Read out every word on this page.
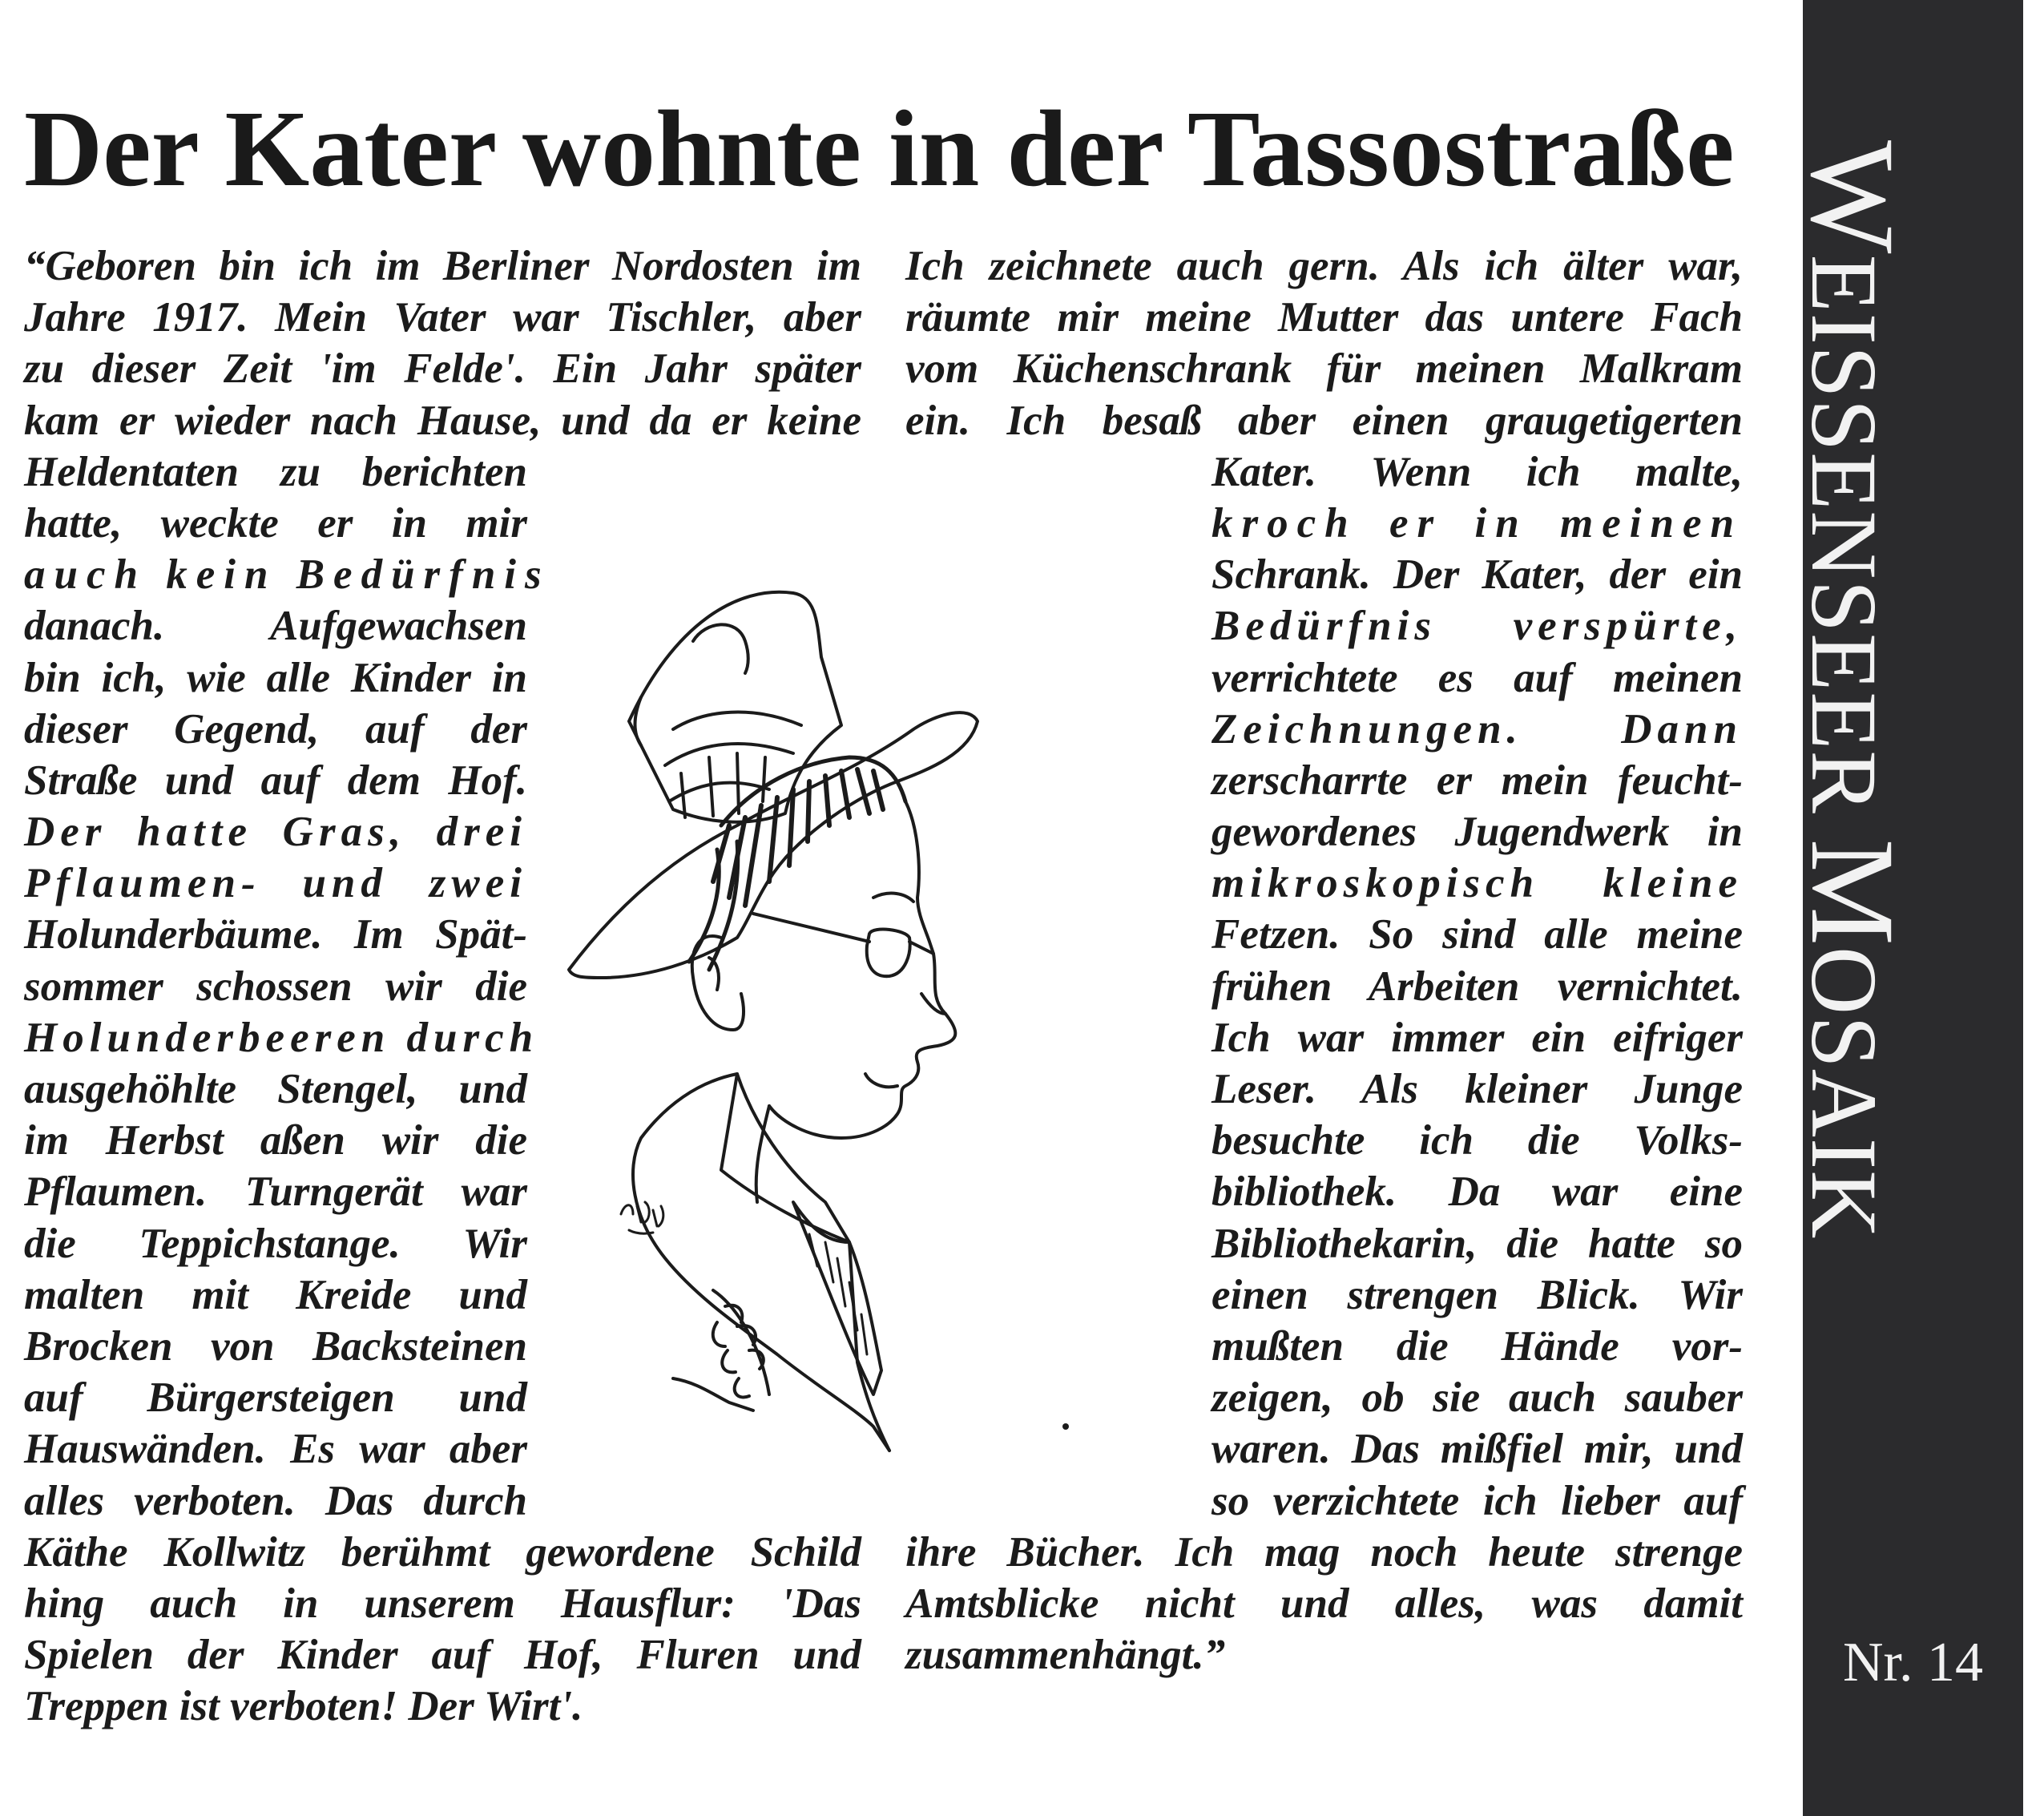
Der Kater wohnte in der Tassostraße
“Geboren bin ich im Berliner Nordosten im
Jahre 1917. Mein Vater war Tischler, aber
zu dieser Zeit 'im Felde'. Ein Jahr später
kam er wieder nach Hause, und da er keine
Heldentaten zu berichten
hatte, weckte er in mir
auch kein Bedürfnis
danach. Aufgewachsen
bin ich, wie alle Kinder in
dieser Gegend, auf der
Straße und auf dem Hof.
Der hatte Gras, drei
Pflaumen- und zwei
Holunderbäume. Im Spät-
sommer schossen wir die
Holunderbeeren durch
ausgehöhlte Stengel, und
im Herbst aßen wir die
Pflaumen. Turngerät war
die Teppichstange. Wir
malten mit Kreide und
Brocken von Backsteinen
auf Bürgersteigen und
Hauswänden. Es war aber
alles verboten. Das durch
Käthe Kollwitz berühmt gewordene Schild
hing auch in unserem Hausflur: 'Das
Spielen der Kinder auf Hof, Fluren und
Treppen ist verboten! Der Wirt'.
Ich zeichnete auch gern. Als ich älter war,
räumte mir meine Mutter das untere Fach
vom Küchenschrank für meinen Malkram
ein. Ich besaß aber einen graugetigerten
Kater. Wenn ich malte,
kroch er in meinen
Schrank. Der Kater, der ein
Bedürfnis verspürte,
verrichtete es auf meinen
Zeichnungen. Dann
zerscharrte er mein feucht-
gewordenes Jugendwerk in
mikroskopisch kleine
Fetzen. So sind alle meine
frühen Arbeiten vernichtet.
Ich war immer ein eifriger
Leser. Als kleiner Junge
besuchte ich die Volks-
bibliothek. Da war eine
Bibliothekarin, die hatte so
einen strengen Blick. Wir
mußten die Hände vor-
zeigen, ob sie auch sauber
waren. Das mißfiel mir, und
so verzichtete ich lieber auf
ihre Bücher. Ich mag noch heute strenge
Amtsblicke nicht und alles, was damit
zusammenhängt.”
WEISSENSEER MOSAIK
Nr. 14
